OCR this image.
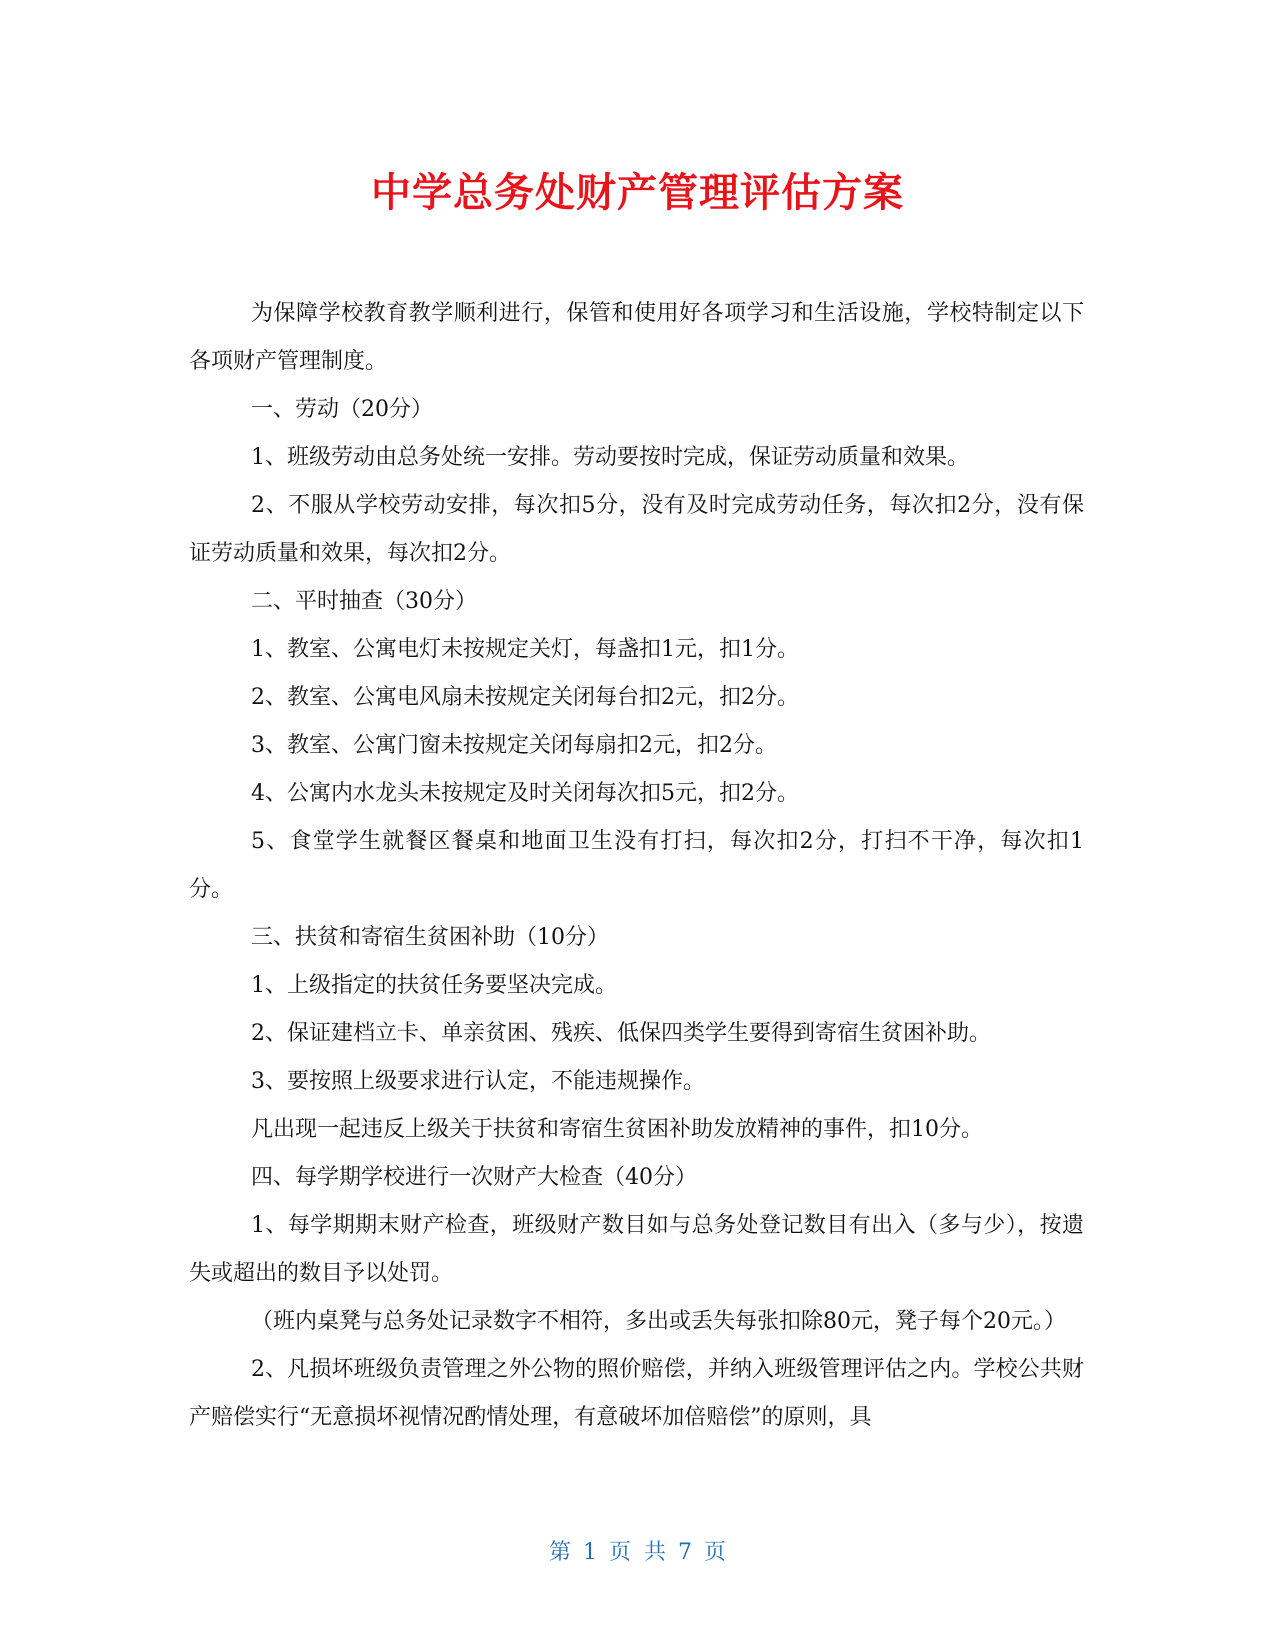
中学总务处财产管理评估方案

为保障学校教育教学顺利进行，保管和使用好各项学习和生活设施，学校特制定以下各项财产管理制度。

一、劳动（20分）

1、班级劳动由总务处统一安排。劳动要按时完成，保证劳动质量和效果。

2、不服从学校劳动安排，每次扣5分，没有及时完成劳动任务，每次扣2分，没有保证劳动质量和效果，每次扣2分。

二、平时抽查（30分）

1、教室、公寓电灯未按规定关灯，每盏扣1元，扣1分。

2、教室、公寓电风扇未按规定关闭每台扣2元，扣2分。

3、教室、公寓门窗未按规定关闭每扇扣2元，扣2分。

4、公寓内水龙头未按规定及时关闭每次扣5元，扣2分。

5、食堂学生就餐区餐桌和地面卫生没有打扫，每次扣2分，打扫不干净，每次扣1分。

三、扶贫和寄宿生贫困补助（10分）

1、上级指定的扶贫任务要坚决完成。

2、保证建档立卡、单亲贫困、残疾、低保四类学生要得到寄宿生贫困补助。

3、要按照上级要求进行认定，不能违规操作。

凡出现一起违反上级关于扶贫和寄宿生贫困补助发放精神的事件，扣10分。

四、每学期学校进行一次财产大检查（40分）

1、每学期期末财产检查，班级财产数目如与总务处登记数目有出入（多与少），按遗失或超出的数目予以处罚。

（班内桌凳与总务处记录数字不相符，多出或丢失每张扣除80元，凳子每个20元。）

2、凡损坏班级负责管理之外公物的照价赔偿，并纳入班级管理评估之内。学校公共财产赔偿实行“无意损坏视情况酌情处理，有意破坏加倍赔偿”的原则，具

第 1 页 共 7 页
